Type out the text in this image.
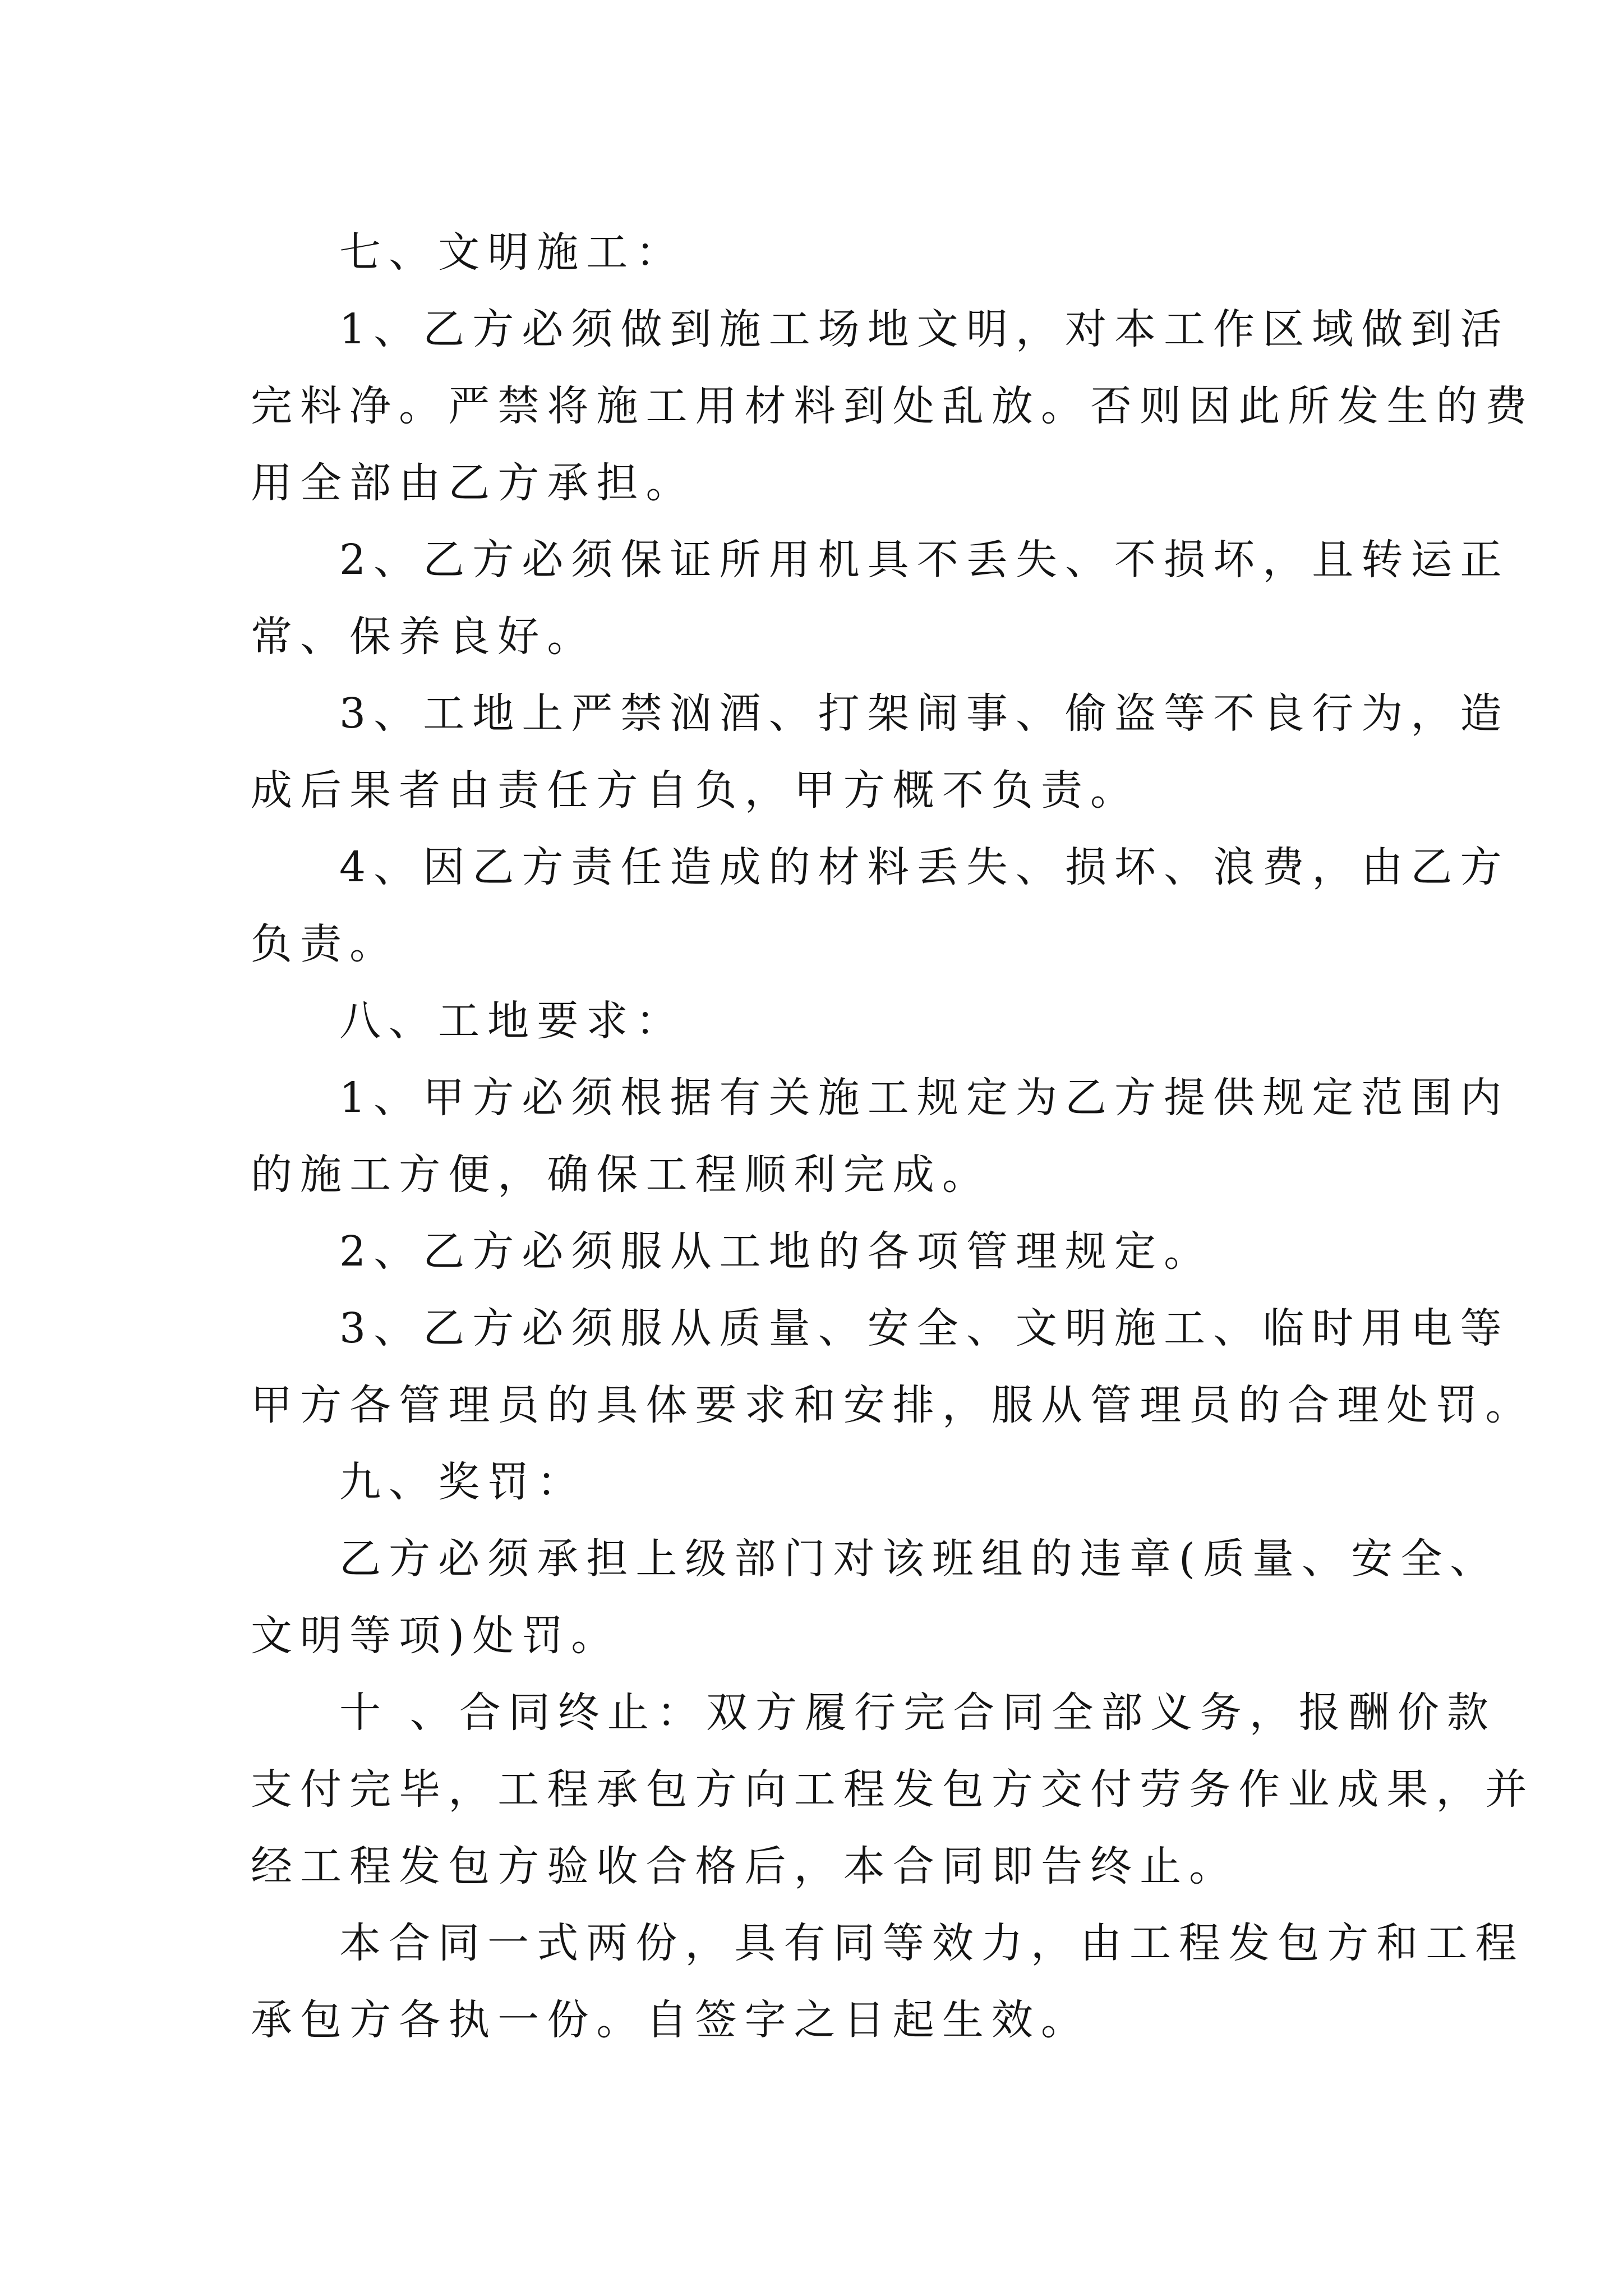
七、文明施工：
1、乙方必须做到施工场地文明，对本工作区域做到活
完料净。严禁将施工用材料到处乱放。否则因此所发生的费
用全部由乙方承担。
2、乙方必须保证所用机具不丢失、不损坏，且转运正
常、保养良好。
3、工地上严禁汹酒、打架闹事、偷盗等不良行为，造
成后果者由责任方自负，甲方概不负责。
4、因乙方责任造成的材料丢失、损坏、浪费，由乙方
负责。
八、工地要求：
1、甲方必须根据有关施工规定为乙方提供规定范围内
的施工方便，确保工程顺利完成。
2、乙方必须服从工地的各项管理规定。
3、乙方必须服从质量、安全、文明施工、临时用电等
甲方各管理员的具体要求和安排，服从管理员的合理处罚。
九、奖罚：
乙方必须承担上级部门对该班组的违章(质量、安全、
文明等项)处罚。
十 、合同终止：双方履行完合同全部义务，报酬价款
支付完毕，工程承包方向工程发包方交付劳务作业成果，并
经工程发包方验收合格后，本合同即告终止。
本合同一式两份，具有同等效力，由工程发包方和工程
承包方各执一份。自签字之日起生效。
